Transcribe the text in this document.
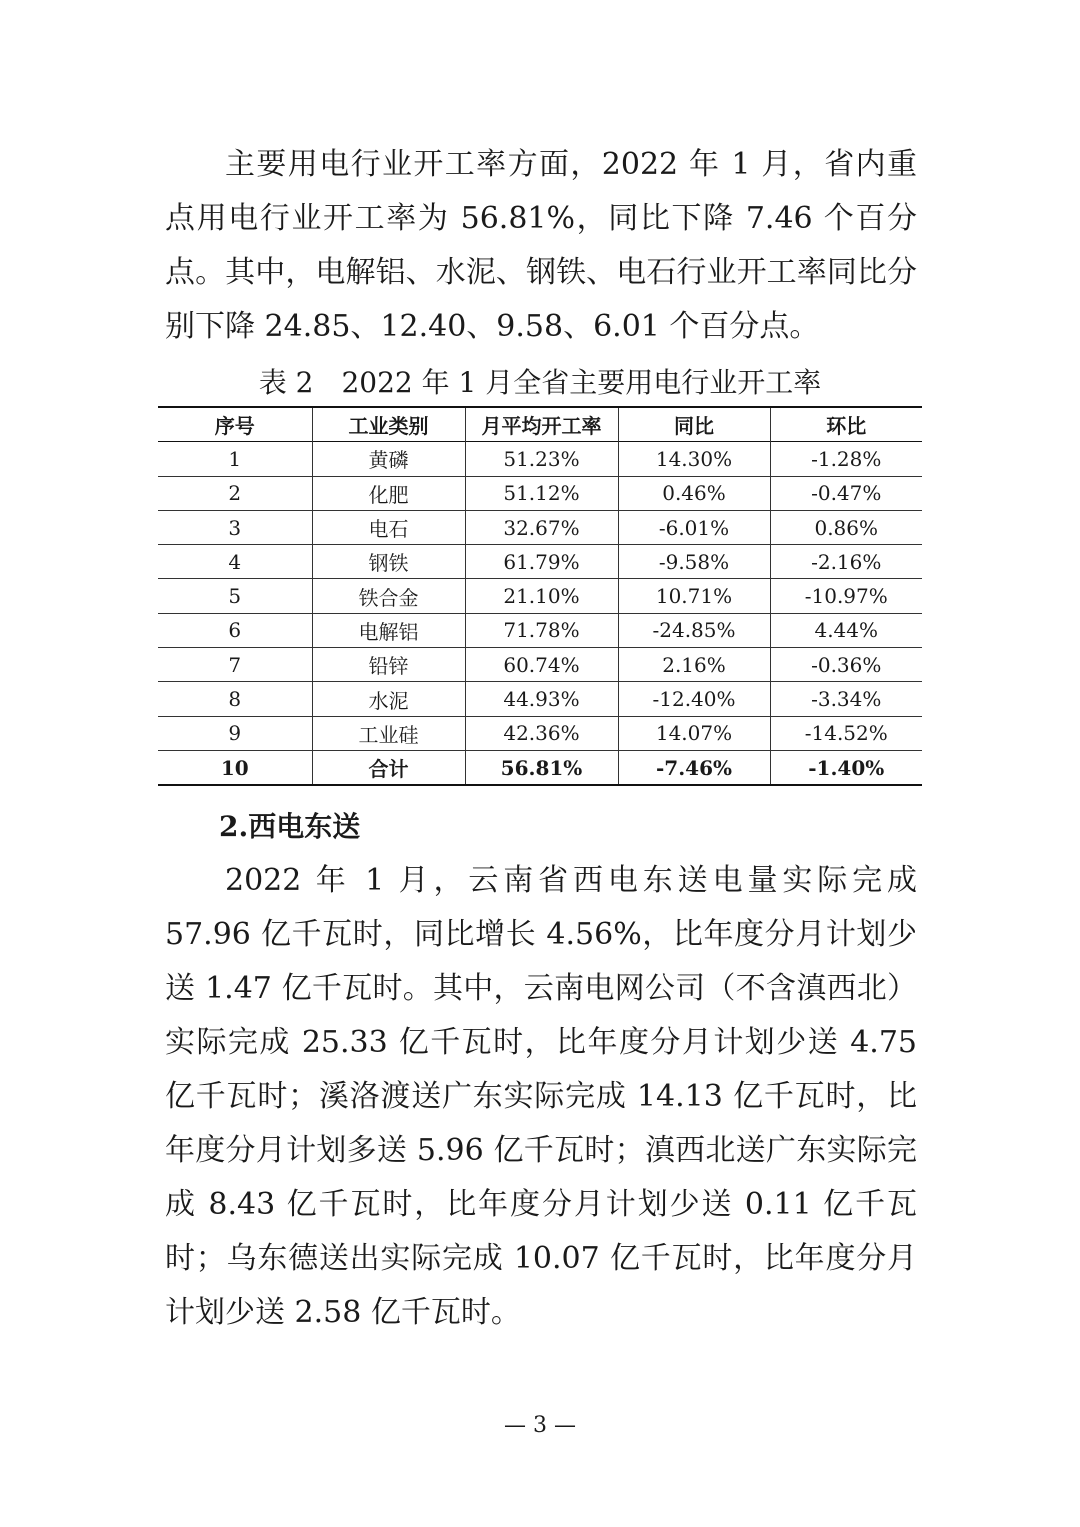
主要用电行业开工率方面，2022 年 1 月，省内重点用电行业开工率为 56.81%，同比下降 7.46 个百分点。其中，电解铝、水泥、钢铁、电石行业开工率同比分别下降 24.85、12.40、9.58、6.01 个百分点。

表 2　2022 年 1 月全省主要用电行业开工率

序号	工业类别	月平均开工率	同比	环比
1	黄磷	51.23%	14.30%	-1.28%
2	化肥	51.12%	0.46%	-0.47%
3	电石	32.67%	-6.01%	0.86%
4	钢铁	61.79%	-9.58%	-2.16%
5	铁合金	21.10%	10.71%	-10.97%
6	电解铝	71.78%	-24.85%	4.44%
7	铅锌	60.74%	2.16%	-0.36%
8	水泥	44.93%	-12.40%	-3.34%
9	工业硅	42.36%	14.07%	-14.52%
10	合计	56.81%	-7.46%	-1.40%

2.西电东送

2022 年 1 月，云南省西电东送电量实际完成 57.96 亿千瓦时，同比增长 4.56%，比年度分月计划少送 1.47 亿千瓦时。其中，云南电网公司（不含滇西北）实际完成 25.33 亿千瓦时，比年度分月计划少送 4.75 亿千瓦时；溪洛渡送广东实际完成 14.13 亿千瓦时，比年度分月计划多送 5.96 亿千瓦时；滇西北送广东实际完成 8.43 亿千瓦时，比年度分月计划少送 0.11 亿千瓦时；乌东德送出实际完成 10.07 亿千瓦时，比年度分月计划少送 2.58 亿千瓦时。

— 3 —
